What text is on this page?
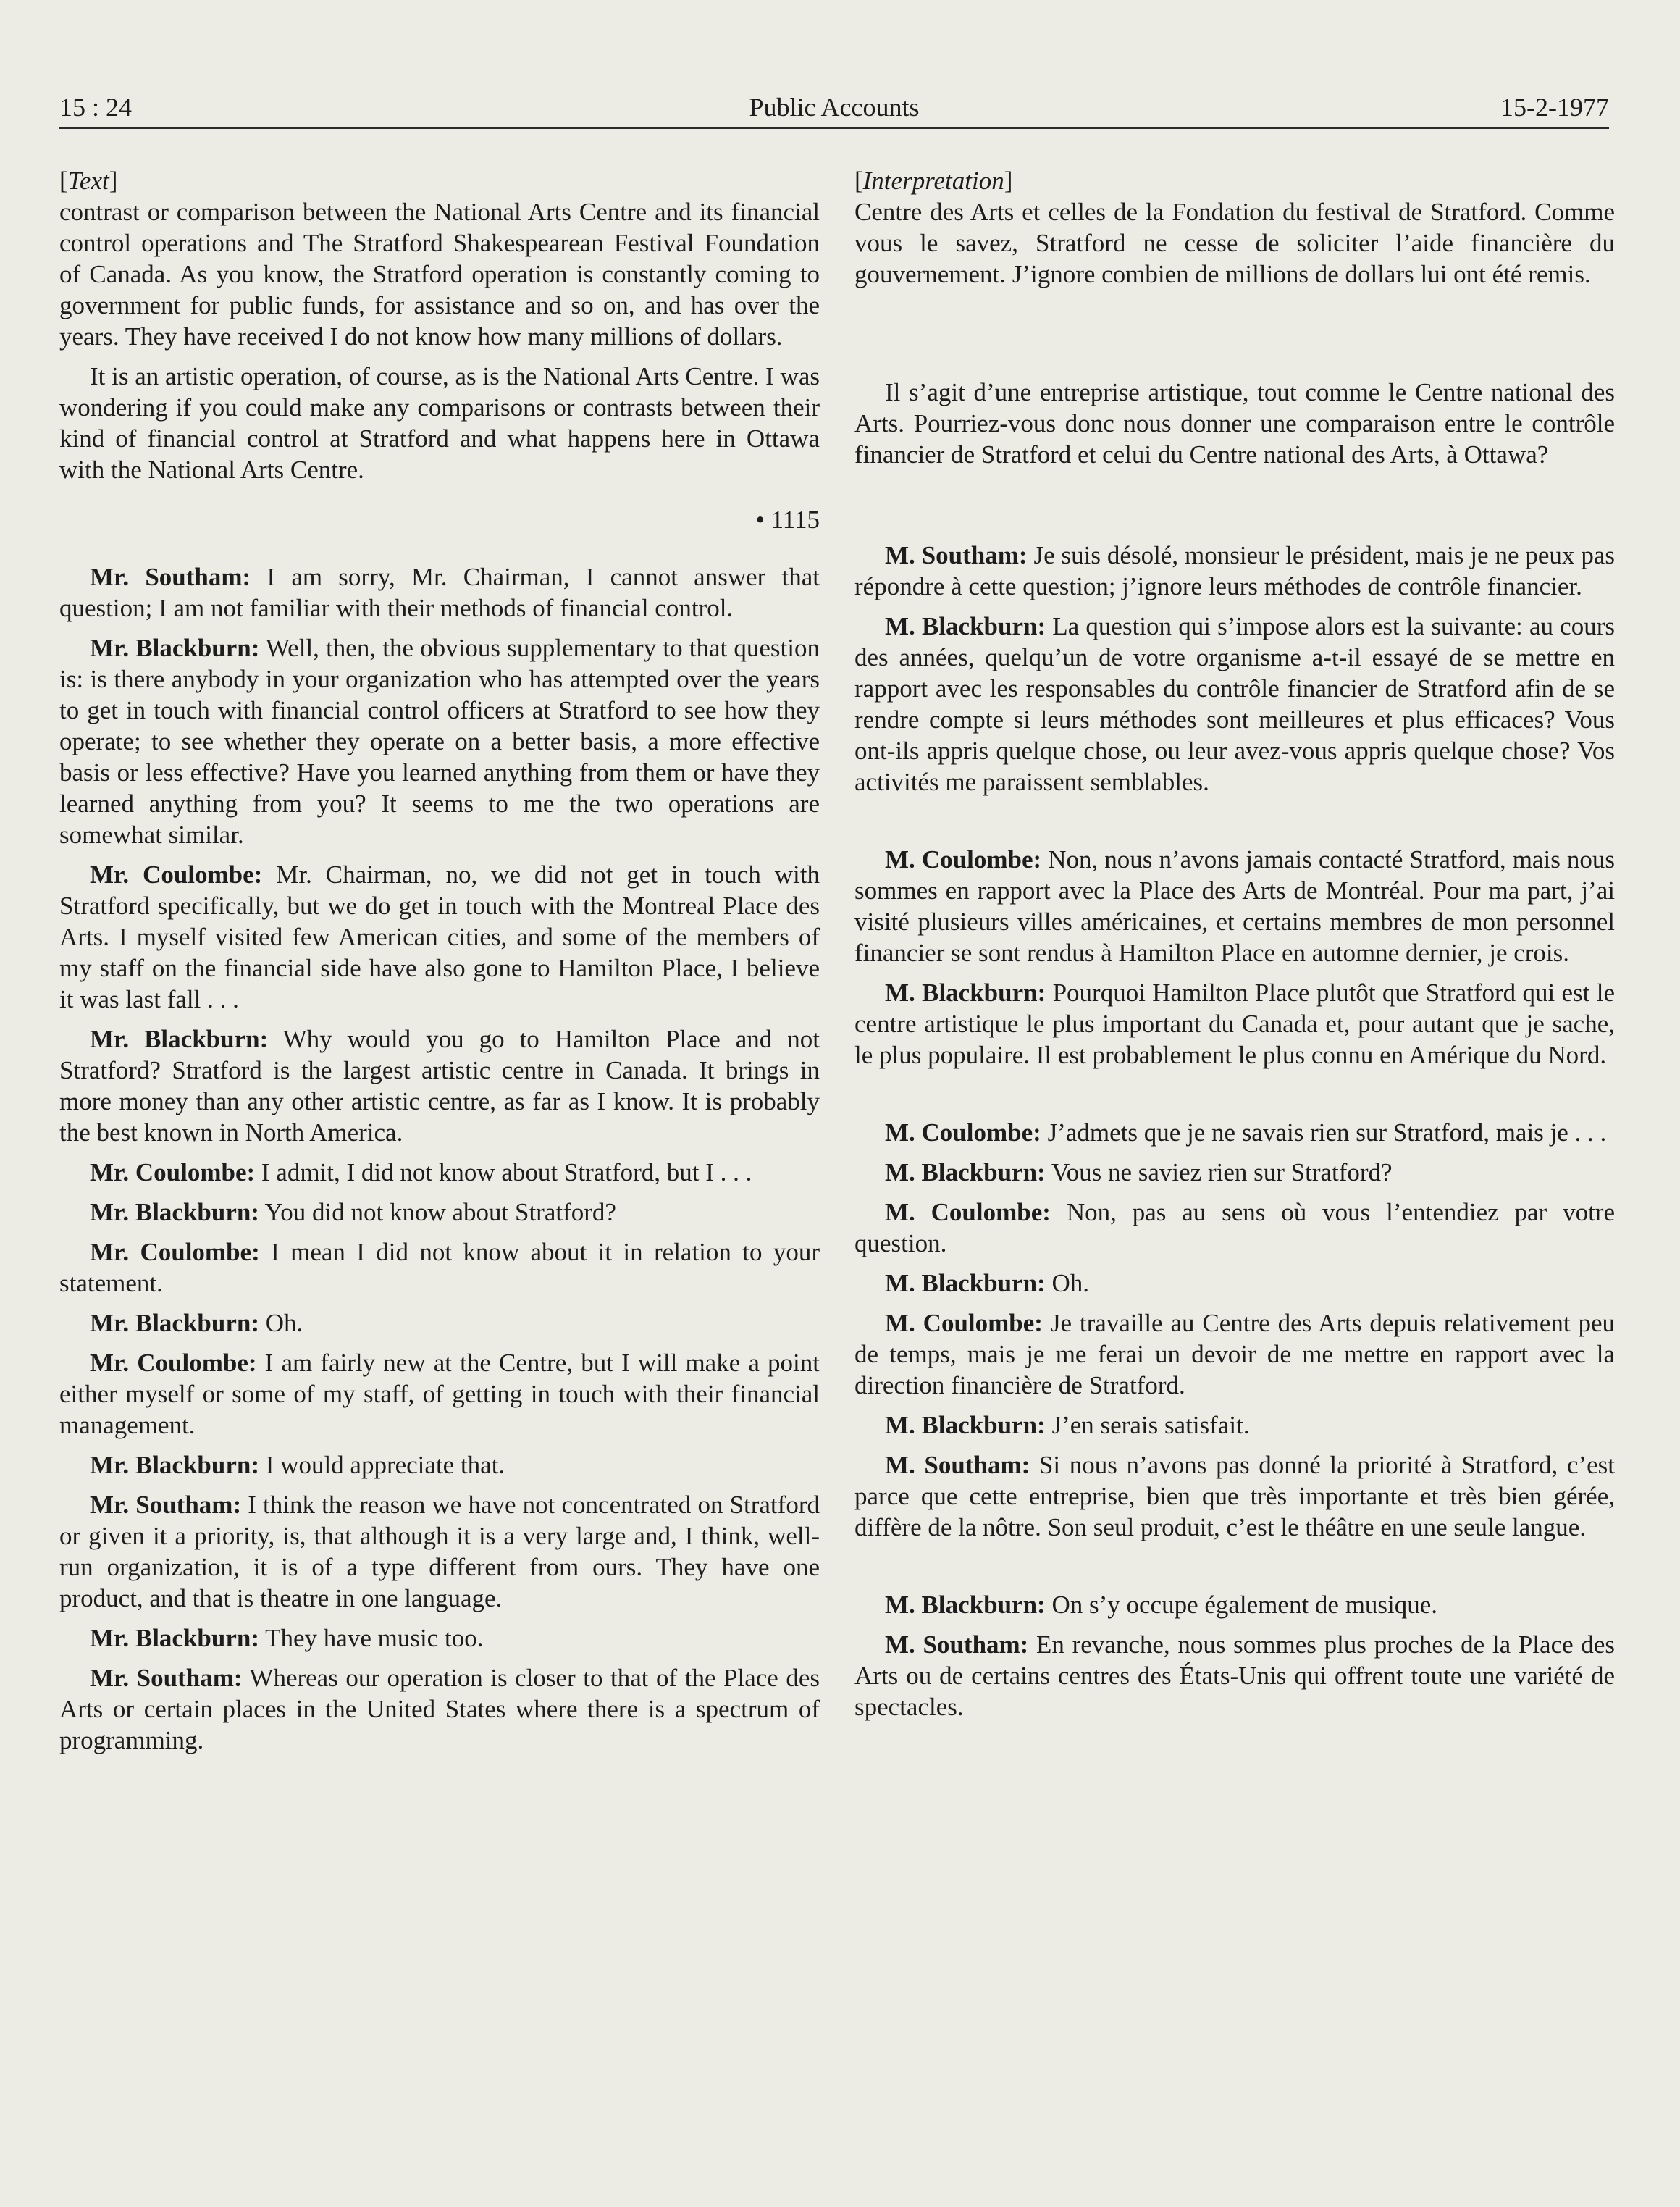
15 : 24	Public Accounts	15-2-1977
[Text]

contrast or comparison between the National Arts Centre and its financial control operations and The Stratford Shakespearean Festival Foundation of Canada. As you know, the Stratford operation is constantly coming to government for public funds, for assistance and so on, and has over the years. They have received I do not know how many millions of dollars.

It is an artistic operation, of course, as is the National Arts Centre. I was wondering if you could make any comparisons or contrasts between their kind of financial control at Stratford and what happens here in Ottawa with the National Arts Centre.

• 1115

Mr. Southam: I am sorry, Mr. Chairman, I cannot answer that question; I am not familiar with their methods of financial control.

Mr. Blackburn: Well, then, the obvious supplementary to that question is: is there anybody in your organization who has attempted over the years to get in touch with financial control officers at Stratford to see how they operate; to see whether they operate on a better basis, a more effective basis or less effective? Have you learned anything from them or have they learned anything from you? It seems to me the two operations are somewhat similar.

Mr. Coulombe: Mr. Chairman, no, we did not get in touch with Stratford specifically, but we do get in touch with the Montreal Place des Arts. I myself visited few American cities, and some of the members of my staff on the financial side have also gone to Hamilton Place, I believe it was last fall . . .

Mr. Blackburn: Why would you go to Hamilton Place and not Stratford? Stratford is the largest artistic centre in Canada. It brings in more money than any other artistic centre, as far as I know. It is probably the best known in North America.

Mr. Coulombe: I admit, I did not know about Stratford, but I . . .

Mr. Blackburn: You did not know about Stratford?

Mr. Coulombe: I mean I did not know about it in relation to your statement.

Mr. Blackburn: Oh.

Mr. Coulombe: I am fairly new at the Centre, but I will make a point either myself or some of my staff, of getting in touch with their financial management.

Mr. Blackburn: I would appreciate that.

Mr. Southam: I think the reason we have not concentrated on Stratford or given it a priority, is, that although it is a very large and, I think, well-run organization, it is of a type different from ours. They have one product, and that is theatre in one language.

Mr. Blackburn: They have music too.

Mr. Southam: Whereas our operation is closer to that of the Place des Arts or certain places in the United States where there is a spectrum of programming.

[Interpretation]

Centre des Arts et celles de la Fondation du festival de Stratford. Comme vous le savez, Stratford ne cesse de soliciter l’aide financière du gouvernement. J’ignore combien de millions de dollars lui ont été remis.

Il s’agit d’une entreprise artistique, tout comme le Centre national des Arts. Pourriez-vous donc nous donner une comparaison entre le contrôle financier de Stratford et celui du Centre national des Arts, à Ottawa?

M. Southam: Je suis désolé, monsieur le président, mais je ne peux pas répondre à cette question; j’ignore leurs méthodes de contrôle financier.

M. Blackburn: La question qui s’impose alors est la suivante: au cours des années, quelqu’un de votre organisme a-t-il essayé de se mettre en rapport avec les responsables du contrôle financier de Stratford afin de se rendre compte si leurs méthodes sont meilleures et plus efficaces? Vous ont-ils appris quelque chose, ou leur avez-vous appris quelque chose? Vos activités me paraissent semblables.

M. Coulombe: Non, nous n’avons jamais contacté Stratford, mais nous sommes en rapport avec la Place des Arts de Montréal. Pour ma part, j’ai visité plusieurs villes américaines, et certains membres de mon personnel financier se sont rendus à Hamilton Place en automne dernier, je crois.

M. Blackburn: Pourquoi Hamilton Place plutôt que Stratford qui est le centre artistique le plus important du Canada et, pour autant que je sache, le plus populaire. Il est probablement le plus connu en Amérique du Nord.

M. Coulombe: J’admets que je ne savais rien sur Stratford, mais je . . .

M. Blackburn: Vous ne saviez rien sur Stratford?

M. Coulombe: Non, pas au sens où vous l’entendiez par votre question.

M. Blackburn: Oh.

M. Coulombe: Je travaille au Centre des Arts depuis relativement peu de temps, mais je me ferai un devoir de me mettre en rapport avec la direction financière de Stratford.

M. Blackburn: J’en serais satisfait.

M. Southam: Si nous n’avons pas donné la priorité à Stratford, c’est parce que cette entreprise, bien que très importante et très bien gérée, diffère de la nôtre. Son seul produit, c’est le théâtre en une seule langue.

M. Blackburn: On s’y occupe également de musique.

M. Southam: En revanche, nous sommes plus proches de la Place des Arts ou de certains centres des États-Unis qui offrent toute une variété de spectacles.
